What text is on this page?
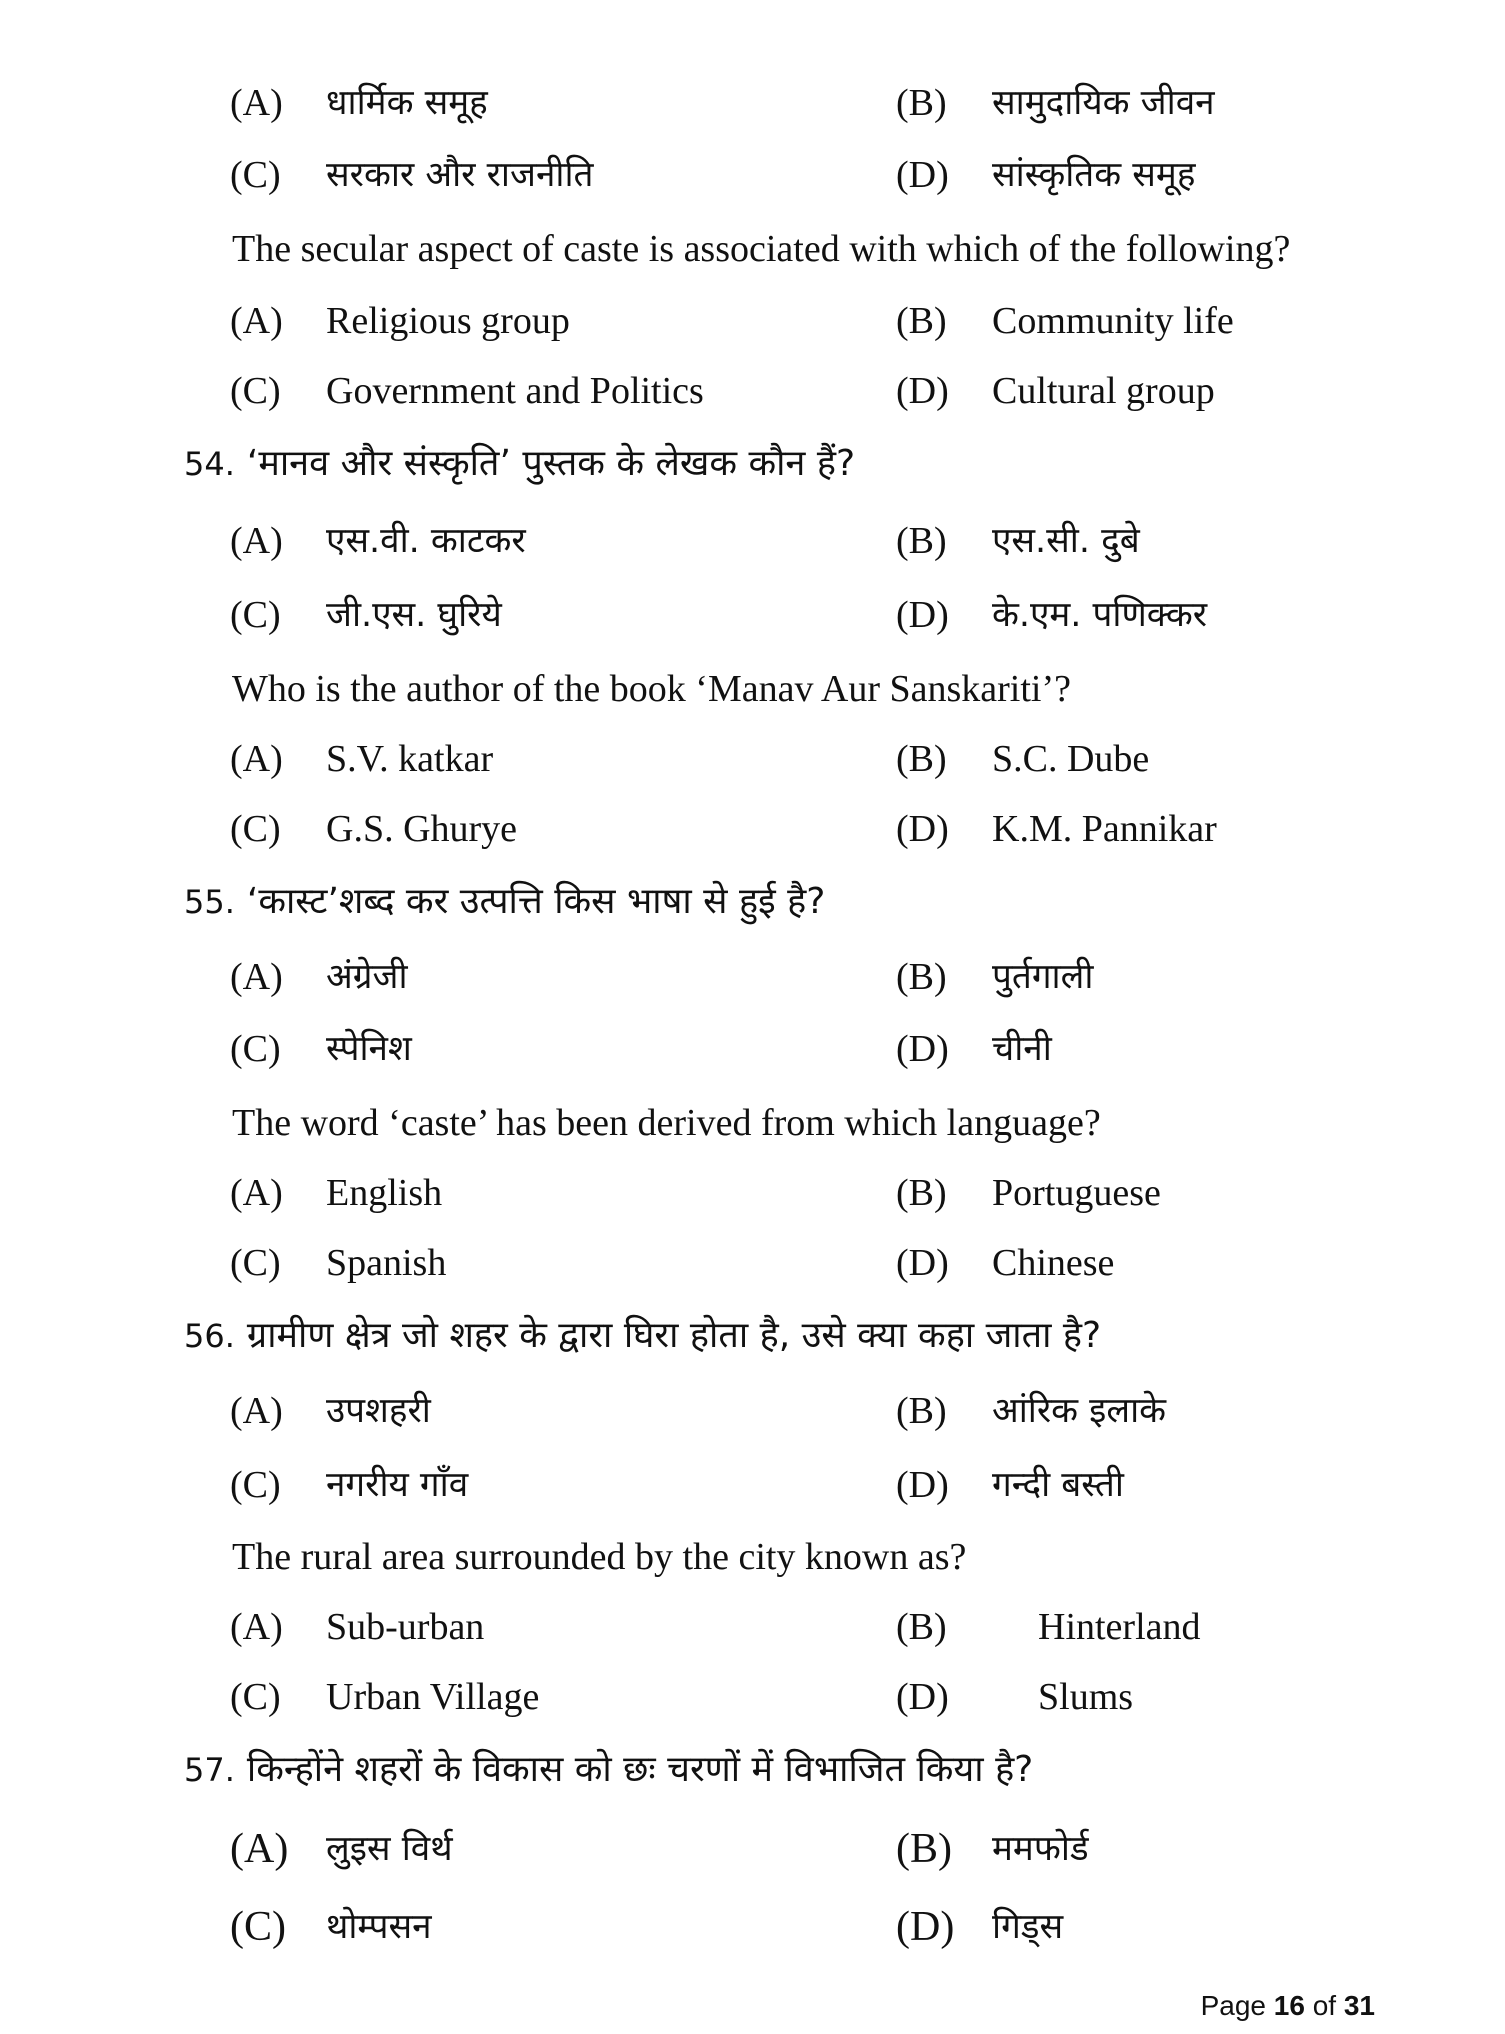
(A) धार्मिक समूह	(B) सामुदायिक जीवन
(C) सरकार और राजनीति	(D) सांस्कृतिक समूह
The secular aspect of caste is associated with which of the following?
(A) Religious group	(B) Community life
(C) Government and Politics	(D) Cultural group
54. ‘मानव और संस्कृति’ पुस्तक के लेखक कौन हैं?
(A) एस.वी. काटकर	(B) एस.सी. दुबे
(C) जी.एस. घुरिये	(D) के.एम. पणिक्कर
Who is the author of the book ‘Manav Aur Sanskariti’?
(A) S.V. katkar	(B) S.C. Dube
(C) G.S. Ghurye	(D) K.M. Pannikar
55. ‘कास्ट’शब्द कर उत्पत्ति किस भाषा से हुई है?
(A) अंग्रेजी	(B) पुर्तगाली
(C) स्पेनिश	(D) चीनी
The word ‘caste’ has been derived from which language?
(A) English	(B) Portuguese
(C) Spanish	(D) Chinese
56. ग्रामीण क्षेत्र जो शहर के द्वारा घिरा होता है, उसे क्या कहा जाता है?
(A) उपशहरी	(B) आंरिक इलाके
(C) नगरीय गाँव	(D) गन्दी बस्ती
The rural area surrounded by the city known as?
(A) Sub-urban	(B) Hinterland
(C) Urban Village	(D) Slums
57. किन्होंने शहरों के विकास को छः चरणों में विभाजित किया है?
(A) लुइस विर्थ	(B) ममफोर्ड
(C) थोम्पसन	(D) गिड्स
Page 16 of 31
